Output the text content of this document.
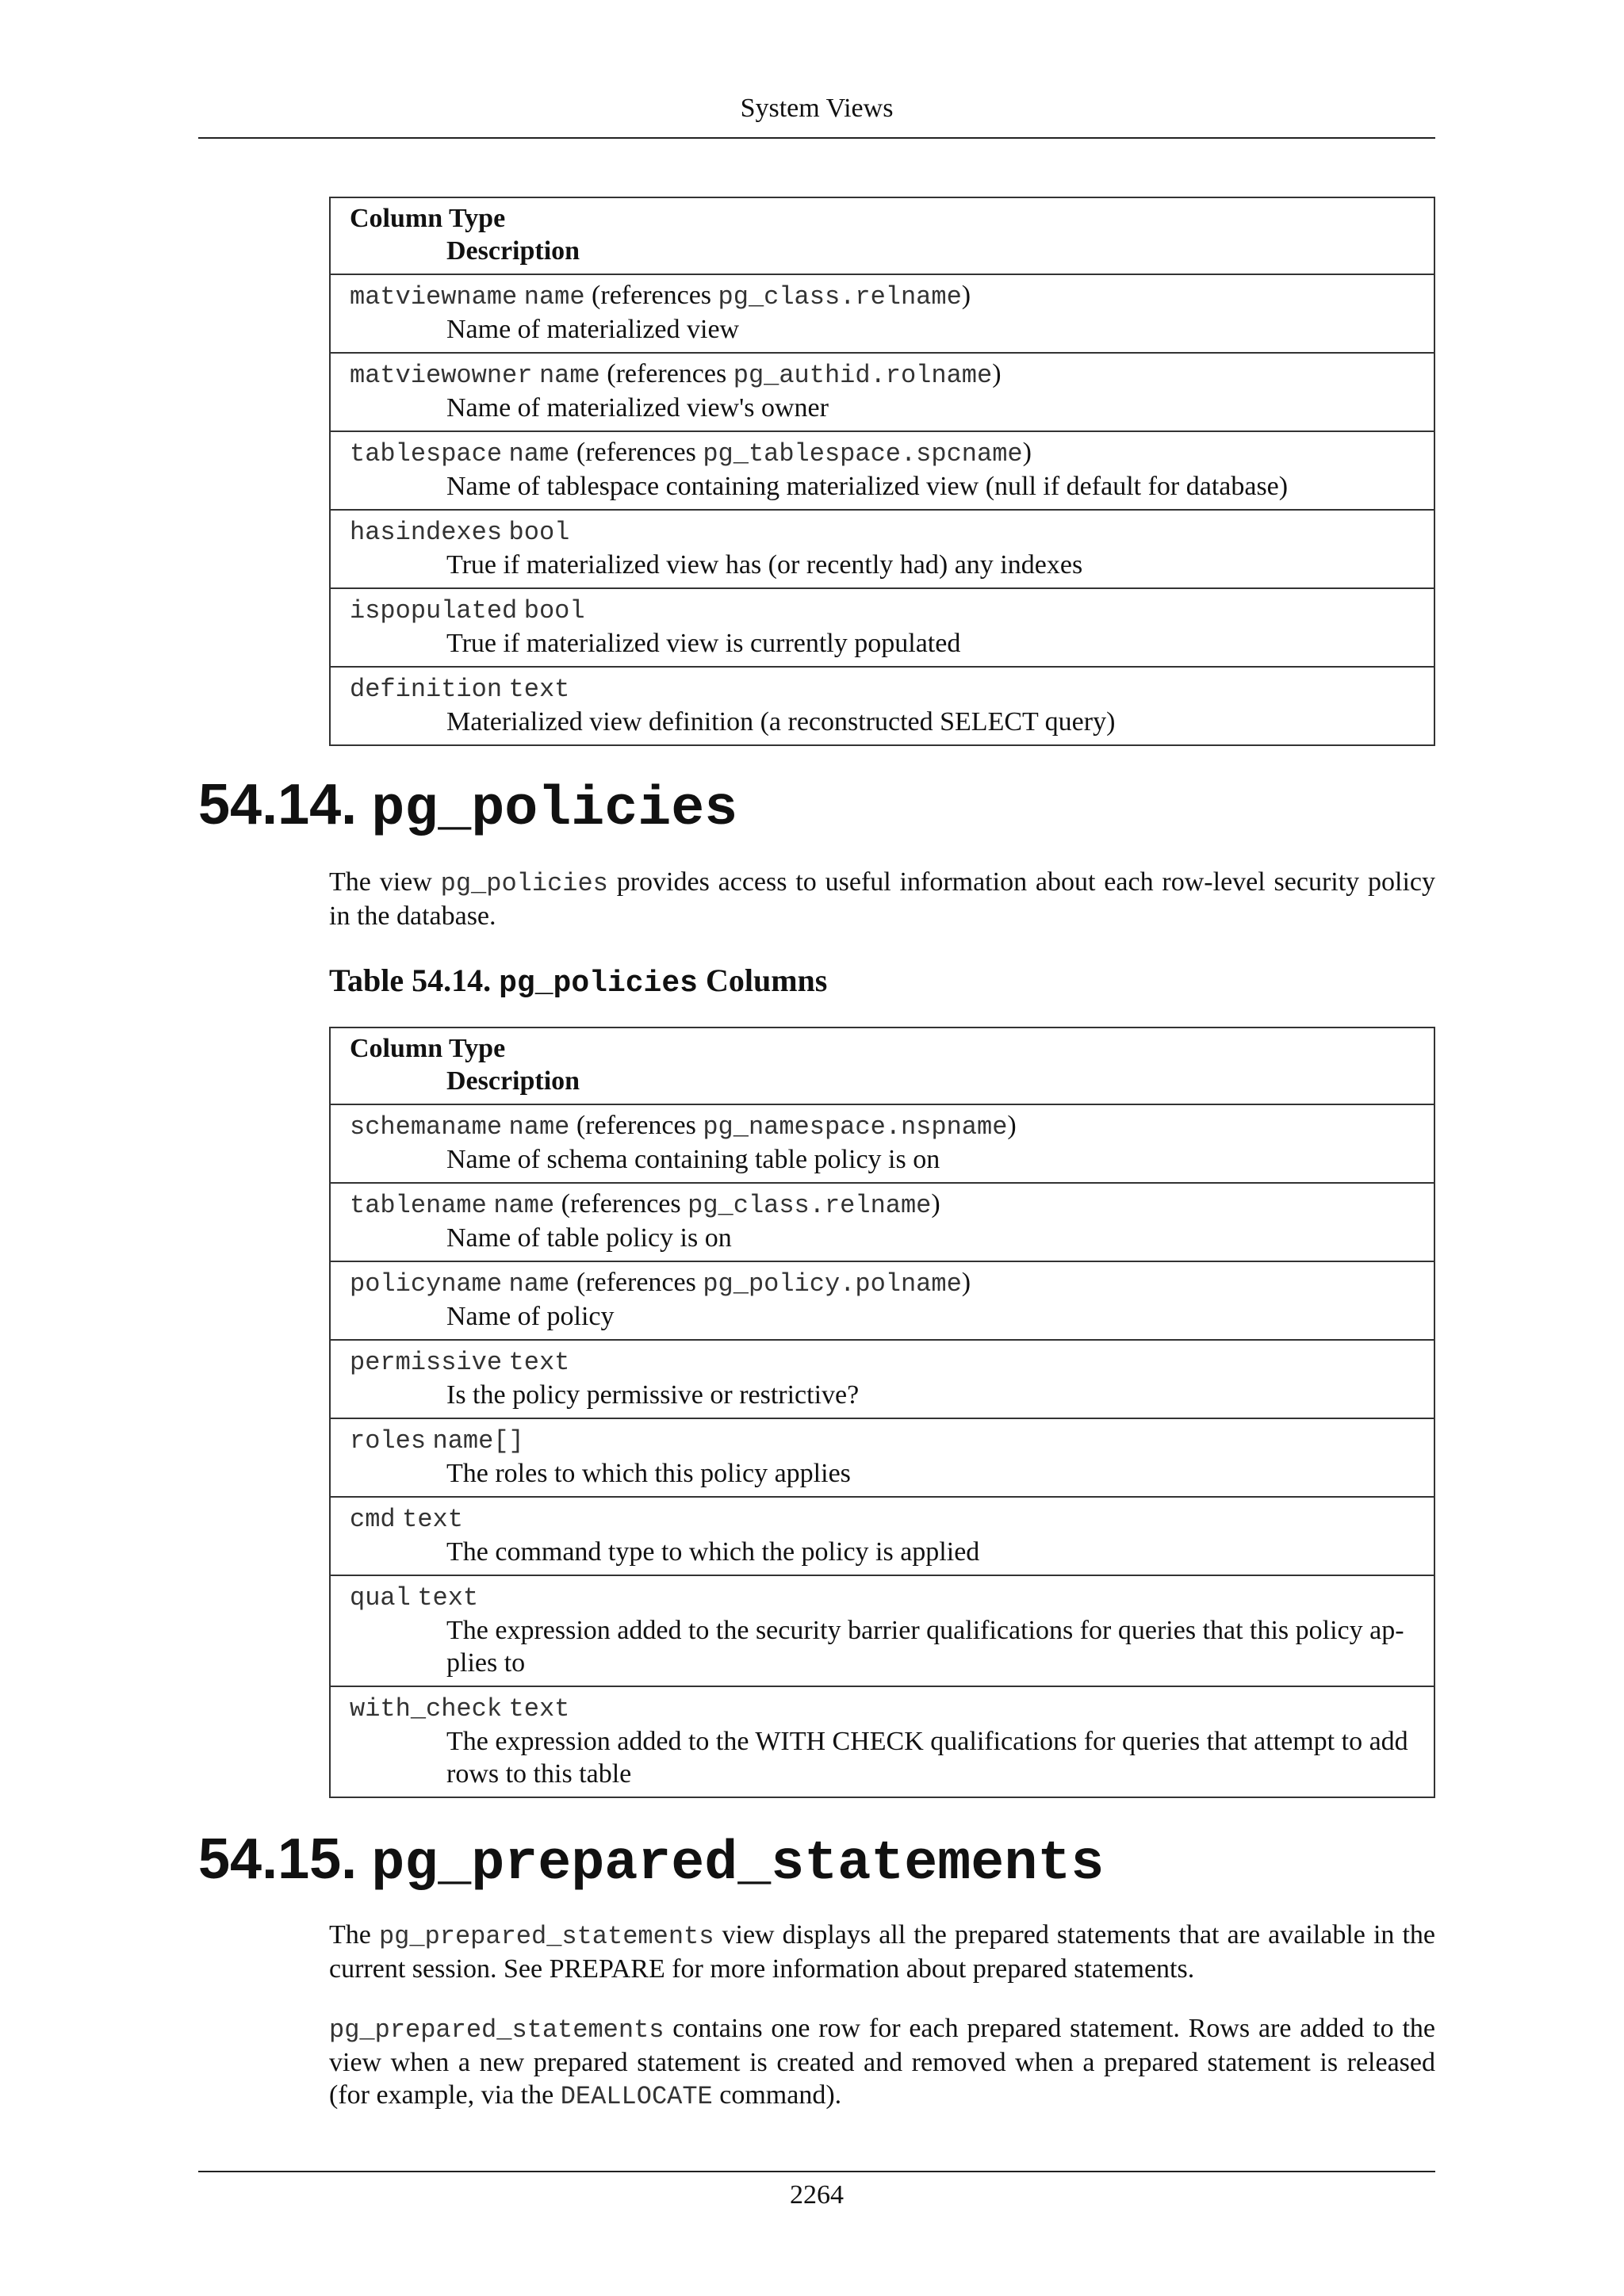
System Views
Column Type
Description

matviewname name (references pg_class.relname)
Name of materialized view

matviewowner name (references pg_authid.rolname)
Name of materialized view's owner

tablespace name (references pg_tablespace.spcname)
Name of tablespace containing materialized view (null if default for database)

hasindexes bool
True if materialized view has (or recently had) any indexes

ispopulated bool
True if materialized view is currently populated

definition text
Materialized view definition (a reconstructed SELECT query)
54.14. pg_policies

The view pg_policies provides access to useful information about each row-level security policy in the database.

Table 54.14. pg_policies Columns
Column Type
Description

schemaname name (references pg_namespace.nspname)
Name of schema containing table policy is on

tablename name (references pg_class.relname)
Name of table policy is on

policyname name (references pg_policy.polname)
Name of policy

permissive text
Is the policy permissive or restrictive?

roles name[]
The roles to which this policy applies

cmd text
The command type to which the policy is applied

qual text
The expression added to the security barrier qualifications for queries that this policy ap-plies to

with_check text
The expression added to the WITH CHECK qualifications for queries that attempt to add rows to this table
54.15. pg_prepared_statements

The pg_prepared_statements view displays all the prepared statements that are available in the current session. See PREPARE for more information about prepared statements.

pg_prepared_statements contains one row for each prepared statement. Rows are added to the view when a new prepared statement is created and removed when a prepared statement is released (for example, via the DEALLOCATE command).

2264
